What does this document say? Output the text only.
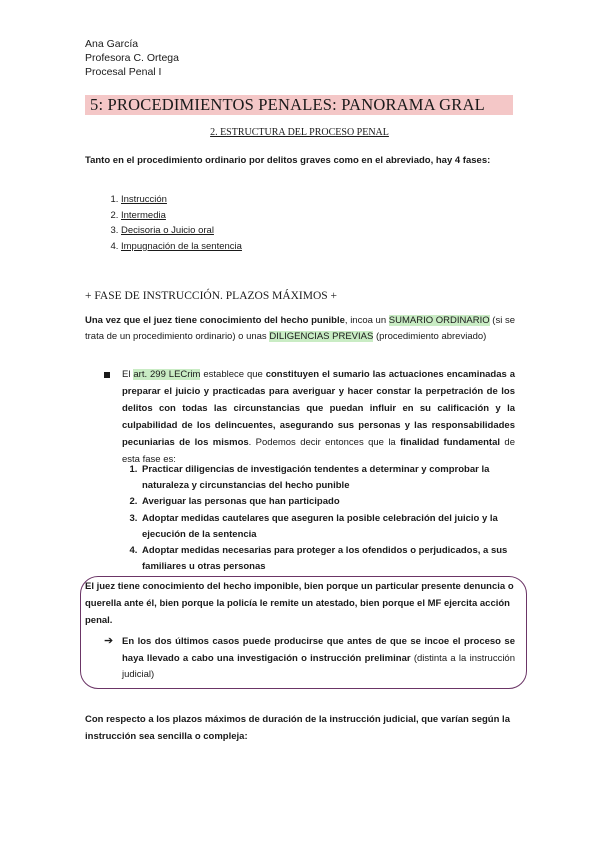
Ana García
Profesora C. Ortega
Procesal Penal I
5: PROCEDIMIENTOS PENALES: PANORAMA GRAL
2. ESTRUCTURA DEL PROCESO PENAL
Tanto en el procedimiento ordinario por delitos graves como en el abreviado, hay 4 fases:
1. Instrucción
2. Intermedia
3. Decisoria o Juicio oral
4. Impugnación de la sentencia
+ FASE DE INSTRUCCIÓN. PLAZOS MÁXIMOS +
Una vez que el juez tiene conocimiento del hecho punible, incoa un SUMARIO ORDINARIO (si se trata de un procedimiento ordinario) o unas DILIGENCIAS PREVIAS (procedimiento abreviado)
El art. 299 LECrim establece que constituyen el sumario las actuaciones encaminadas a preparar el juicio y practicadas para averiguar y hacer constar la perpetración de los delitos con todas las circunstancias que puedan influir en su calificación y la culpabilidad de los delincuentes, asegurando sus personas y las responsabilidades pecuniarias de los mismos. Podemos decir entonces que la finalidad fundamental de esta fase es:
1. Practicar diligencias de investigación tendentes a determinar y comprobar la naturaleza y circunstancias del hecho punible
2. Averiguar las personas que han participado
3. Adoptar medidas cautelares que aseguren la posible celebración del juicio y la ejecución de la sentencia
4. Adoptar medidas necesarias para proteger a los ofendidos o perjudicados, a sus familiares u otras personas
El juez tiene conocimiento del hecho imponible, bien porque un particular presente denuncia o querella ante él, bien porque la policía le remite un atestado, bien porque el MF ejercita acción penal.
➔ En los dos últimos casos puede producirse que antes de que se incoe el proceso se haya llevado a cabo una investigación o instrucción preliminar (distinta a la instrucción judicial)
Con respecto a los plazos máximos de duración de la instrucción judicial, que varían según la instrucción sea sencilla o compleja:
